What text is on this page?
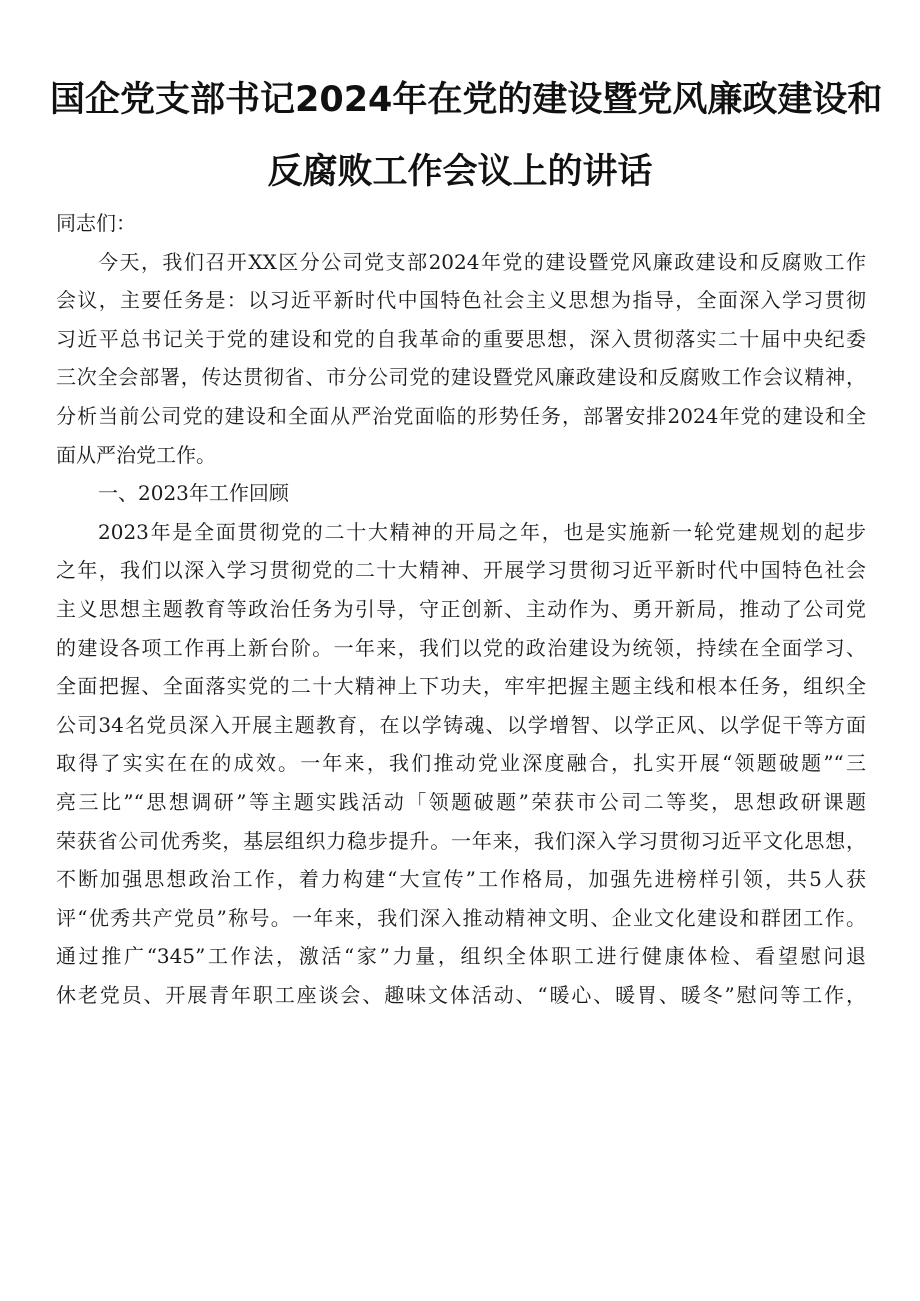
国企党支部书记2024年在党的建设暨党风廉政建设和
反腐败工作会议上的讲话
同志们：
今天，我们召开XX区分公司党支部2024年党的建设暨党风廉政建设和反腐败工作
会议，主要任务是：以习近平新时代中国特色社会主义思想为指导，全面深入学习贯彻
习近平总书记关于党的建设和党的自我革命的重要思想，深入贯彻落实二十届中央纪委
三次全会部署，传达贯彻省、市分公司党的建设暨党风廉政建设和反腐败工作会议精神，
分析当前公司党的建设和全面从严治党面临的形势任务，部署安排2024年党的建设和全
面从严治党工作。
一、2023年工作回顾
2023年是全面贯彻党的二十大精神的开局之年，也是实施新一轮党建规划的起步
之年，我们以深入学习贯彻党的二十大精神、开展学习贯彻习近平新时代中国特色社会
主义思想主题教育等政治任务为引导，守正创新、主动作为、勇开新局，推动了公司党
的建设各项工作再上新台阶。一年来，我们以党的政治建设为统领，持续在全面学习、
全面把握、全面落实党的二十大精神上下功夫，牢牢把握主题主线和根本任务，组织全
公司34名党员深入开展主题教育，在以学铸魂、以学增智、以学正风、以学促干等方面
取得了实实在在的成效。一年来，我们推动党业深度融合，扎实开展“领题破题”“三
亮三比”“思想调研”等主题实践活动「领题破题”荣获市公司二等奖，思想政研课题
荣获省公司优秀奖，基层组织力稳步提升。一年来，我们深入学习贯彻习近平文化思想，
不断加强思想政治工作，着力构建“大宣传”工作格局，加强先进榜样引领，共5人获
评“优秀共产党员”称号。一年来，我们深入推动精神文明、企业文化建设和群团工作。
通过推广“345”工作法，激活“家”力量，组织全体职工进行健康体检、看望慰问退
休老党员、开展青年职工座谈会、趣味文体活动、“暖心、暖胃、暖冬”慰问等工作，
